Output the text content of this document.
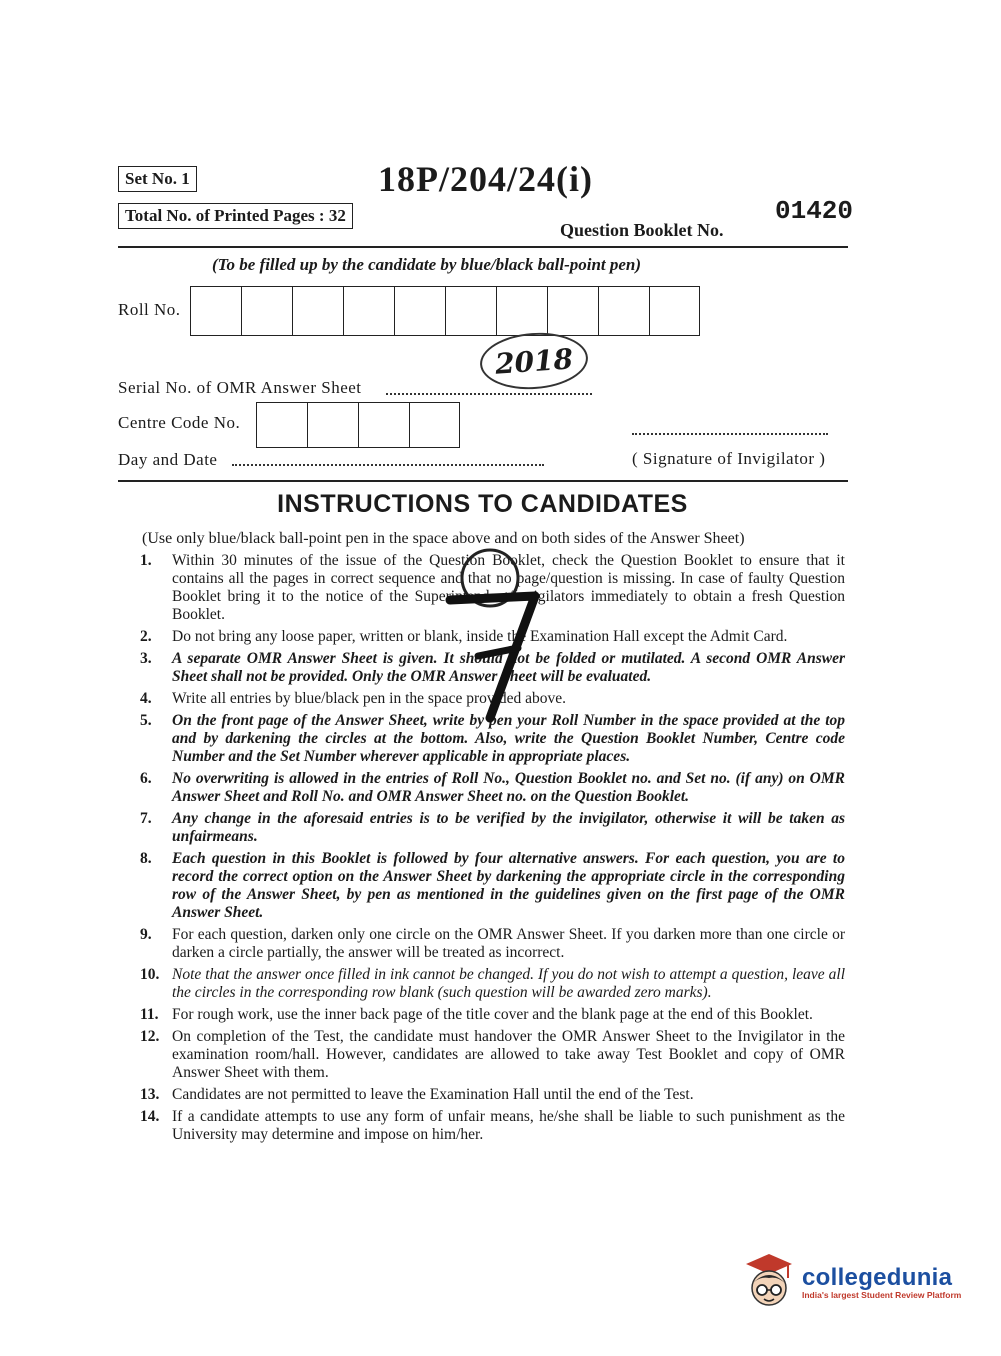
Set No. 1
Total No. of Printed Pages : 32
18P/204/24(i)
01420
Question Booklet No.
(To be filled up by the candidate by blue/black ball-point pen)
Roll No.
2018
Serial No. of OMR Answer Sheet
Centre Code No.
Day and Date	( Signature of Invigilator )
INSTRUCTIONS TO CANDIDATES
(Use only blue/black ball-point pen in the space above and on both sides of the Answer Sheet)
1.	Within 30 minutes of the issue of the Question Booklet, check the Question Booklet to ensure that it contains all the pages in correct sequence and that no page/question is missing. In case of faulty Question Booklet bring it to the notice of the Superintendent/Invigilators immediately to obtain a fresh Question Booklet.
2.	Do not bring any loose paper, written or blank, inside the Examination Hall except the Admit Card.
3.	A separate OMR Answer Sheet is given. It should not be folded or mutilated. A second OMR Answer Sheet shall not be provided. Only the OMR Answer Sheet will be evaluated.
4.	Write all entries by blue/black pen in the space provided above.
5.	On the front page of the Answer Sheet, write by pen your Roll Number in the space provided at the top and by darkening the circles at the bottom. Also, write the Question Booklet Number, Centre code Number and the Set Number wherever applicable in appropriate places.
6.	No overwriting is allowed in the entries of Roll No., Question Booklet no. and Set no. (if any) on OMR Answer Sheet and Roll No. and OMR Answer Sheet no. on the Question Booklet.
7.	Any change in the aforesaid entries is to be verified by the invigilator, otherwise it will be taken as unfairmeans.
8.	Each question in this Booklet is followed by four alternative answers. For each question, you are to record the correct option on the Answer Sheet by darkening the appropriate circle in the corresponding row of the Answer Sheet, by pen as mentioned in the guidelines given on the first page of the OMR Answer Sheet.
9.	For each question, darken only one circle on the OMR Answer Sheet. If you darken more than one circle or darken a circle partially, the answer will be treated as incorrect.
10. Note that the answer once filled in ink cannot be changed. If you do not wish to attempt a question, leave all the circles in the corresponding row blank (such question will be awarded zero marks).
11. For rough work, use the inner back page of the title cover and the blank page at the end of this Booklet.
12. On completion of the Test, the candidate must handover the OMR Answer Sheet to the Invigilator in the examination room/hall. However, candidates are allowed to take away Test Booklet and copy of OMR Answer Sheet with them.
13. Candidates are not permitted to leave the Examination Hall until the end of the Test.
14. If a candidate attempts to use any form of unfair means, he/she shall be liable to such punishment as the University may determine and impose on him/her.
collegedunia
India's largest Student Review Platform
